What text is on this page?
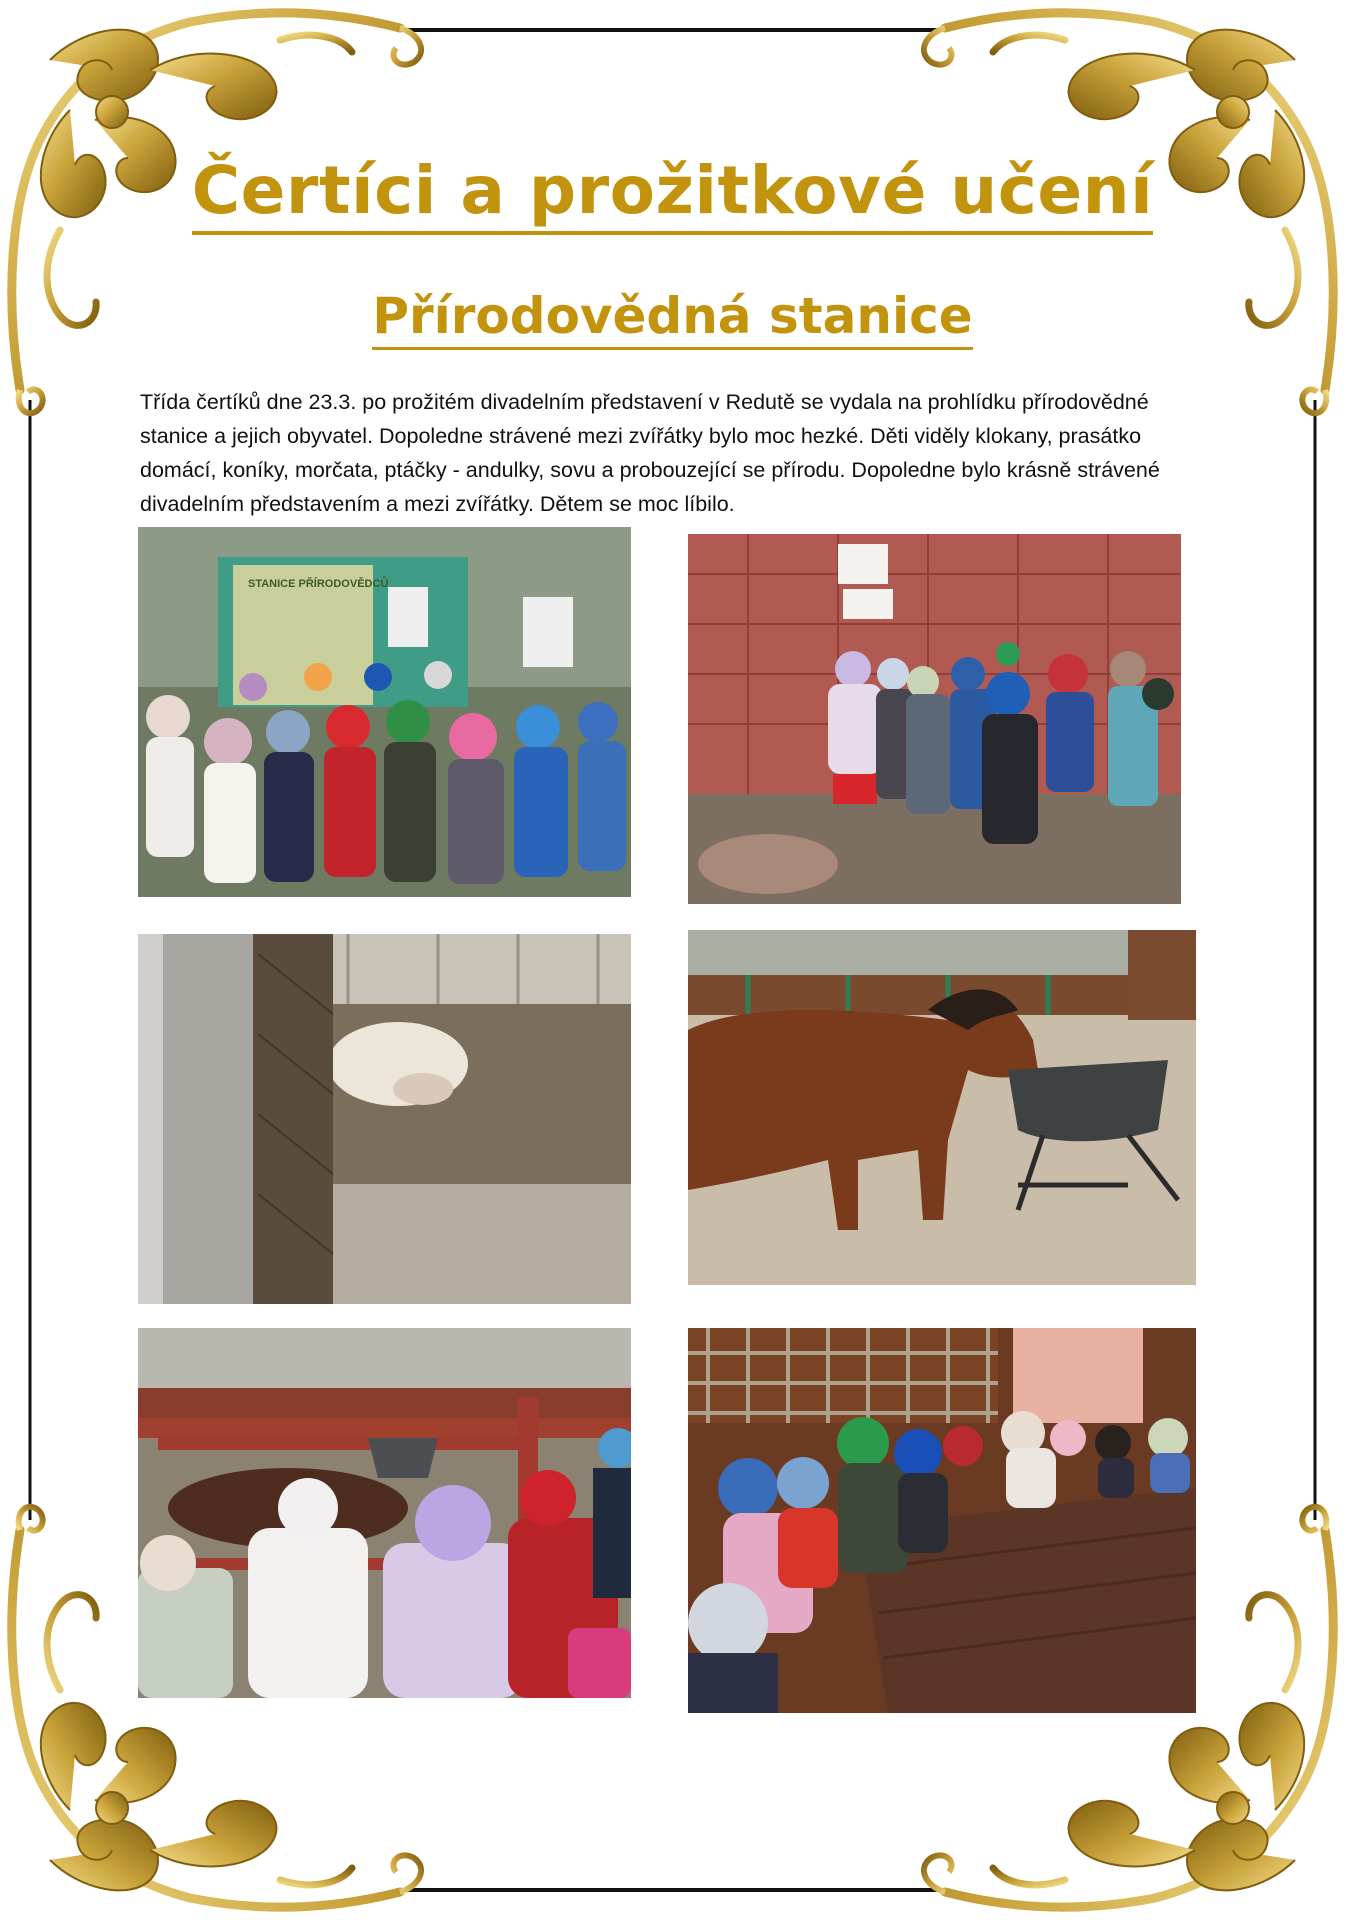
Čertíci a prožitkové učení
Přírodovědná stanice

Třída čertíků dne 23.3. po prožitém divadelním představení v Redutě se vydala na prohlídku přírodovědné stanice a jejich obyvatel. Dopoledne strávené mezi zvířátky bylo moc hezké. Děti viděly klokany, prasátko domácí, koníky, morčata, ptáčky - andulky, sovu a probouzející se přírodu. Dopoledne bylo krásně strávené divadelním představením a mezi zvířátky. Dětem se moc líbilo.

STANICE PŘÍRODOVĚDCŮ
